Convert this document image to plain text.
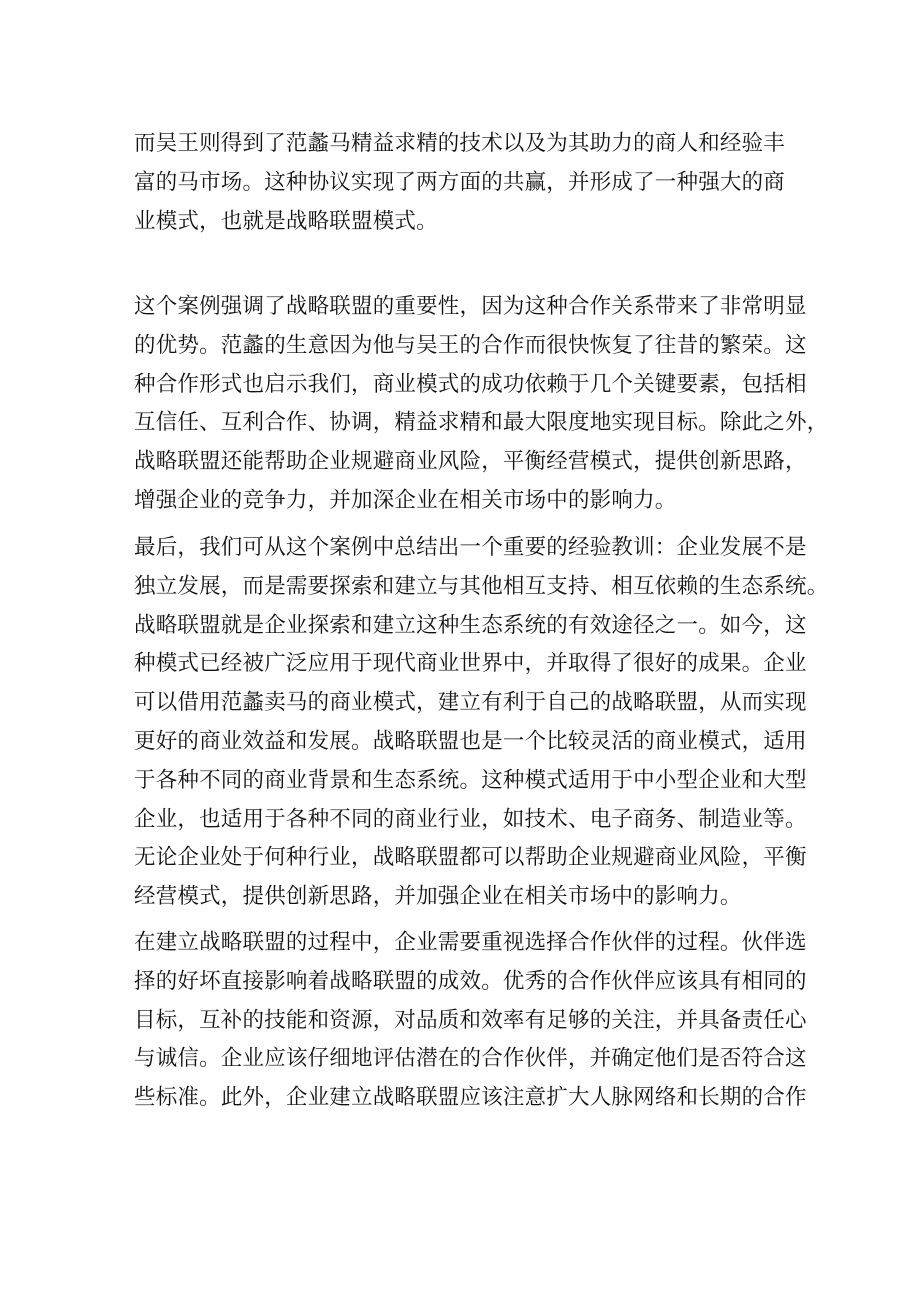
而吴王则得到了范蠡马精益求精的技术以及为其助力的商人和经验丰
富的马市场。这种协议实现了两方面的共赢，并形成了一种强大的商
业模式，也就是战略联盟模式。
这个案例强调了战略联盟的重要性，因为这种合作关系带来了非常明显
的优势。范蠡的生意因为他与吴王的合作而很快恢复了往昔的繁荣。这
种合作形式也启示我们，商业模式的成功依赖于几个关键要素，包括相
互信任、互利合作、协调，精益求精和最大限度地实现目标。除此之外，
战略联盟还能帮助企业规避商业风险，平衡经营模式，提供创新思路，
增强企业的竞争力，并加深企业在相关市场中的影响力。
最后，我们可从这个案例中总结出一个重要的经验教训：企业发展不是
独立发展，而是需要探索和建立与其他相互支持、相互依赖的生态系统。
战略联盟就是企业探索和建立这种生态系统的有效途径之一。如今，这
种模式已经被广泛应用于现代商业世界中，并取得了很好的成果。企业
可以借用范蠡卖马的商业模式，建立有利于自己的战略联盟，从而实现
更好的商业效益和发展。战略联盟也是一个比较灵活的商业模式，适用
于各种不同的商业背景和生态系统。这种模式适用于中小型企业和大型
企业，也适用于各种不同的商业行业，如技术、电子商务、制造业等。
无论企业处于何种行业，战略联盟都可以帮助企业规避商业风险，平衡
经营模式，提供创新思路，并加强企业在相关市场中的影响力。
在建立战略联盟的过程中，企业需要重视选择合作伙伴的过程。伙伴选
择的好坏直接影响着战略联盟的成效。优秀的合作伙伴应该具有相同的
目标，互补的技能和资源，对品质和效率有足够的关注，并具备责任心
与诚信。企业应该仔细地评估潜在的合作伙伴，并确定他们是否符合这
些标准。此外，企业建立战略联盟应该注意扩大人脉网络和长期的合作
